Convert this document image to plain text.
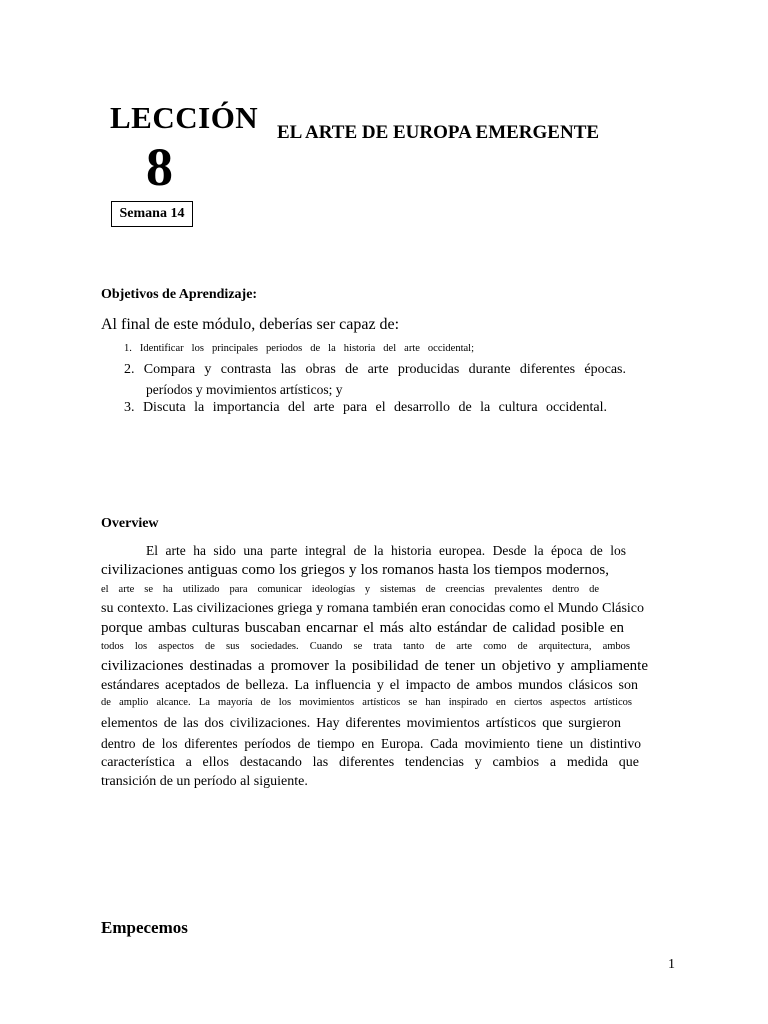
LECCIÓN
8
EL ARTE DE EUROPA EMERGENTE
Semana 14
Objetivos de Aprendizaje:
Al final de este módulo, deberías ser capaz de:
1. Identificar los principales periodos de la historia del arte occidental;
2. Compara y contrasta las obras de arte producidas durante diferentes épocas.
períodos y movimientos artísticos; y
3. Discuta la importancia del arte para el desarrollo de la cultura occidental.
Overview
El arte ha sido una parte integral de la historia europea. Desde la época de los
civilizaciones antiguas como los griegos y los romanos hasta los tiempos modernos,
el arte se ha utilizado para comunicar ideologías y sistemas de creencias prevalentes dentro de
su contexto. Las civilizaciones griega y romana también eran conocidas como el Mundo Clásico
porque ambas culturas buscaban encarnar el más alto estándar de calidad posible en
todos los aspectos de sus sociedades. Cuando se trata tanto de arte como de arquitectura, ambos
civilizaciones destinadas a promover la posibilidad de tener un objetivo y ampliamente
estándares aceptados de belleza. La influencia y el impacto de ambos mundos clásicos son
de amplio alcance. La mayoría de los movimientos artísticos se han inspirado en ciertos aspectos artísticos
elementos de las dos civilizaciones. Hay diferentes movimientos artísticos que surgieron
dentro de los diferentes períodos de tiempo en Europa. Cada movimiento tiene un distintivo
característica a ellos destacando las diferentes tendencias y cambios a medida que
transición de un período al siguiente.
Empecemos
1
